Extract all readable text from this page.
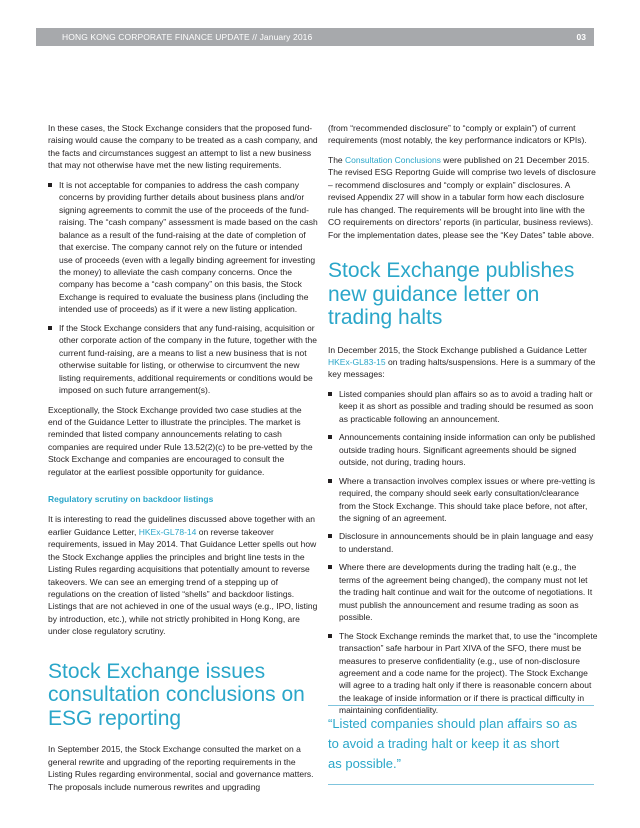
HONG KONG CORPORATE FINANCE UPDATE // January 2016	03

In these cases, the Stock Exchange considers that the proposed fund-raising would cause the company to be treated as a cash company, and the facts and circumstances suggest an attempt to list a new business that may not otherwise have met the new listing requirements.

It is not acceptable for companies to address the cash company concerns by providing further details about business plans and/or signing agreements to commit the use of the proceeds of the fund-raising. The “cash company” assessment is made based on the cash balance as a result of the fund-raising at the date of completion of that exercise. The company cannot rely on the future or intended use of proceeds (even with a legally binding agreement for investing the money) to alleviate the cash company concerns. Once the company has become a “cash company” on this basis, the Stock Exchange is required to evaluate the business plans (including the intended use of proceeds) as if it were a new listing application.
If the Stock Exchange considers that any fund-raising, acquisition or other corporate action of the company in the future, together with the current fund-raising, are a means to list a new business that is not otherwise suitable for listing, or otherwise to circumvent the new listing requirements, additional requirements or conditions would be imposed on such future arrangement(s).

Exceptionally, the Stock Exchange provided two case studies at the end of the Guidance Letter to illustrate the principles. The market is reminded that listed company announcements relating to cash companies are required under Rule 13.52(2)(c) to be pre-vetted by the Stock Exchange and companies are encouraged to consult the regulator at the earliest possible opportunity for guidance.

Regulatory scrutiny on backdoor listings

It is interesting to read the guidelines discussed above together with an earlier Guidance Letter, HKEx-GL78-14 on reverse takeover requirements, issued in May 2014. That Guidance Letter spells out how the Stock Exchange applies the principles and bright line tests in the Listing Rules regarding acquisitions that potentially amount to reverse takeovers. We can see an emerging trend of a stepping up of regulations on the creation of listed “shells” and backdoor listings. Listings that are not achieved in one of the usual ways (e.g., IPO, listing by introduction, etc.), while not strictly prohibited in Hong Kong, are under close regulatory scrutiny.

Stock Exchange issues consultation conclusions on ESG reporting

In September 2015, the Stock Exchange consulted the market on a general rewrite and upgrading of the reporting requirements in the Listing Rules regarding environmental, social and governance matters. The proposals include numerous rewrites and upgrading

(from “recommended disclosure” to “comply or explain”) of current requirements (most notably, the key performance indicators or KPIs).

The Consultation Conclusions were published on 21 December 2015. The revised ESG Reportng Guide will comprise two levels of disclosure – recommend disclosures and “comply or explain” disclosures. A revised Appendix 27 will show in a tabular form how each disclosure rule has changed. The requirements will be brought into line with the CO requirements on directors’ reports (in particular, business reviews). For the implementation dates, please see the “Key Dates” table above.

Stock Exchange publishes new guidance letter on trading halts

In December 2015, the Stock Exchange published a Guidance Letter HKEx-GL83-15 on trading halts/suspensions. Here is a summary of the key messages:

Listed companies should plan affairs so as to avoid a trading halt or keep it as short as possible and trading should be resumed as soon as practicable following an announcement.
Announcements containing inside information can only be published outside trading hours. Significant agreements should be signed outside, not during, trading hours.
Where a transaction involves complex issues or where pre-vetting is required, the company should seek early consultation/clearance from the Stock Exchange. This should take place before, not after, the signing of an agreement.
Disclosure in announcements should be in plain language and easy to understand.
Where there are developments during the trading halt (e.g., the terms of the agreement being changed), the company must not let the trading halt continue and wait for the outcome of negotiations. It must publish the announcement and resume trading as soon as possible.
The Stock Exchange reminds the market that, to use the “incomplete transaction” safe harbour in Part XIVA of the SFO, there must be measures to preserve confidentiality (e.g., use of non-disclosure agreement and a code name for the project). The Stock Exchange will agree to a trading halt only if there is reasonable concern about the leakage of inside information or if there is practical difficulty in maintaining confidentiality.
“Listed companies should plan affairs so as
to avoid a trading halt or keep it as short
as possible.”
